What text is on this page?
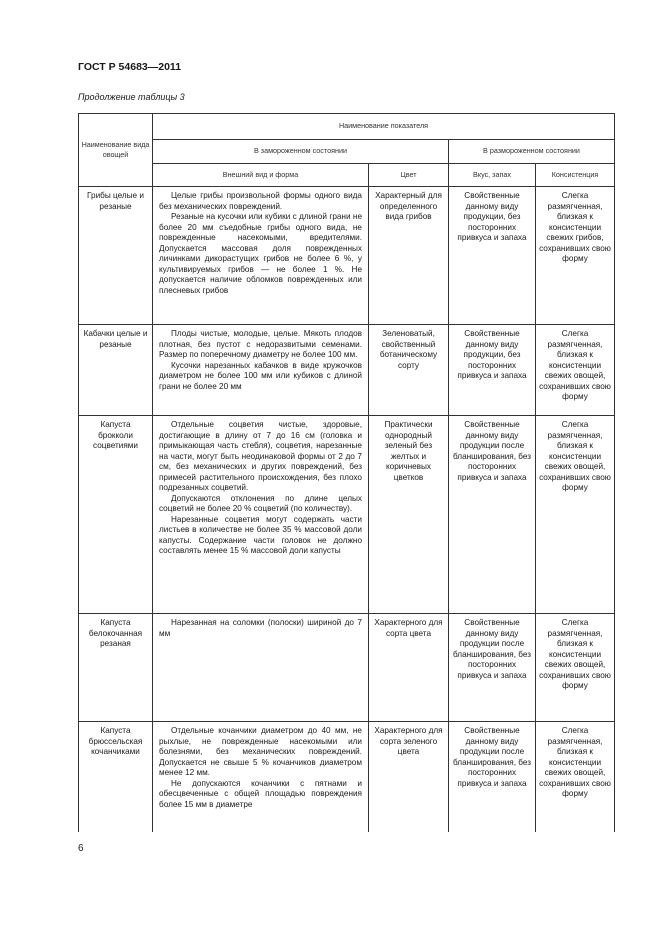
ГОСТ Р 54683—2011
Продолжение таблицы 3
Наименование вида овощей	Наименование показателя			
	В замороженном состоянии		В размороженном состоянии	
	Внешний вид и форма	Цвет	Вкус, запах	Консистенция
Грибы целые и резаные	Целые грибы произвольной формы одного вида без механических повреждений.
Резаные на кусочки или кубики с длиной грани не более 20 мм съедобные грибы одного вида, не поврежденные насекомыми, вредителями. Допускается массовая доля поврежденных личинками дикорастущих грибов не более 6 %, у культивируемых грибов — не более 1 %. Не допускается наличие обломков поврежденных или плесневых грибов	Характерный для определенного вида грибов	Свойственные данному виду продукции, без посторонних привкуса и запаха	Слегка размягченная, близкая к консистенции свежих грибов, сохранивших свою форму
Кабачки целые и резаные	Плоды чистые, молодые, целые. Мякоть плодов плотная, без пустот с недоразвитыми семенами. Размер по поперечному диаметру не более 100 мм.
Кусочки нарезанных кабачков в виде кружочков диаметром не более 100 мм или кубиков с длиной грани не более 20 мм	Зеленоватый, свойственный ботаническому сорту	Свойственные данному виду продукции, без посторонних привкуса и запаха	Слегка размягченная, близкая к консистенции свежих овощей, сохранивших свою форму
Капуста брокколи соцветиями	Отдельные соцветия чистые, здоровые, достигающие в длину от 7 до 16 см (головка и примыкающая часть стебля), соцветия, нарезанные на части, могут быть неодинаковой формы от 2 до 7 см, без механических и других повреждений, без примесей растительного происхождения, без плохо подрезанных соцветий.
Допускаются отклонения по длине целых соцветий не более 20 % соцветий (по количеству).
Нарезанные соцветия могут содержать части листьев в количестве не более 35 % массовой доли капусты. Содержание части головок не должно составлять менее 15 % массовой доли капусты	Практически однородный зеленый без желтых и коричневых цветков	Свойственные данному виду продукции после бланширования, без посторонних привкуса и запаха	Слегка размягченная, близкая к консистенции свежих овощей, сохранивших свою форму
Капуста белокочанная резаная	Нарезанная на соломки (полоски) шириной до 7 мм	Характерного для сорта цвета	Свойственные данному виду продукции после бланширования, без посторонних привкуса и запаха	Слегка размягченная, близкая к консистенции свежих овощей, сохранивших свою форму
Капуста брюссельская кочанчиками	Отдельные кочанчики диаметром до 40 мм, не рыхлые, не поврежденные насекомыми или болезнями, без механических повреждений. Допускается не свыше 5 % кочанчиков диаметром менее 12 мм.
Не допускаются кочанчики с пятнами и обесцвеченные с общей площадью повреждения более 15 мм в диаметре	Характерного для сорта зеленого цвета	Свойственные данному виду продукции после бланширования, без посторонних привкуса и запаха	Слегка размягченная, близкая к консистенции свежих овощей, сохранивших свою форму
6
